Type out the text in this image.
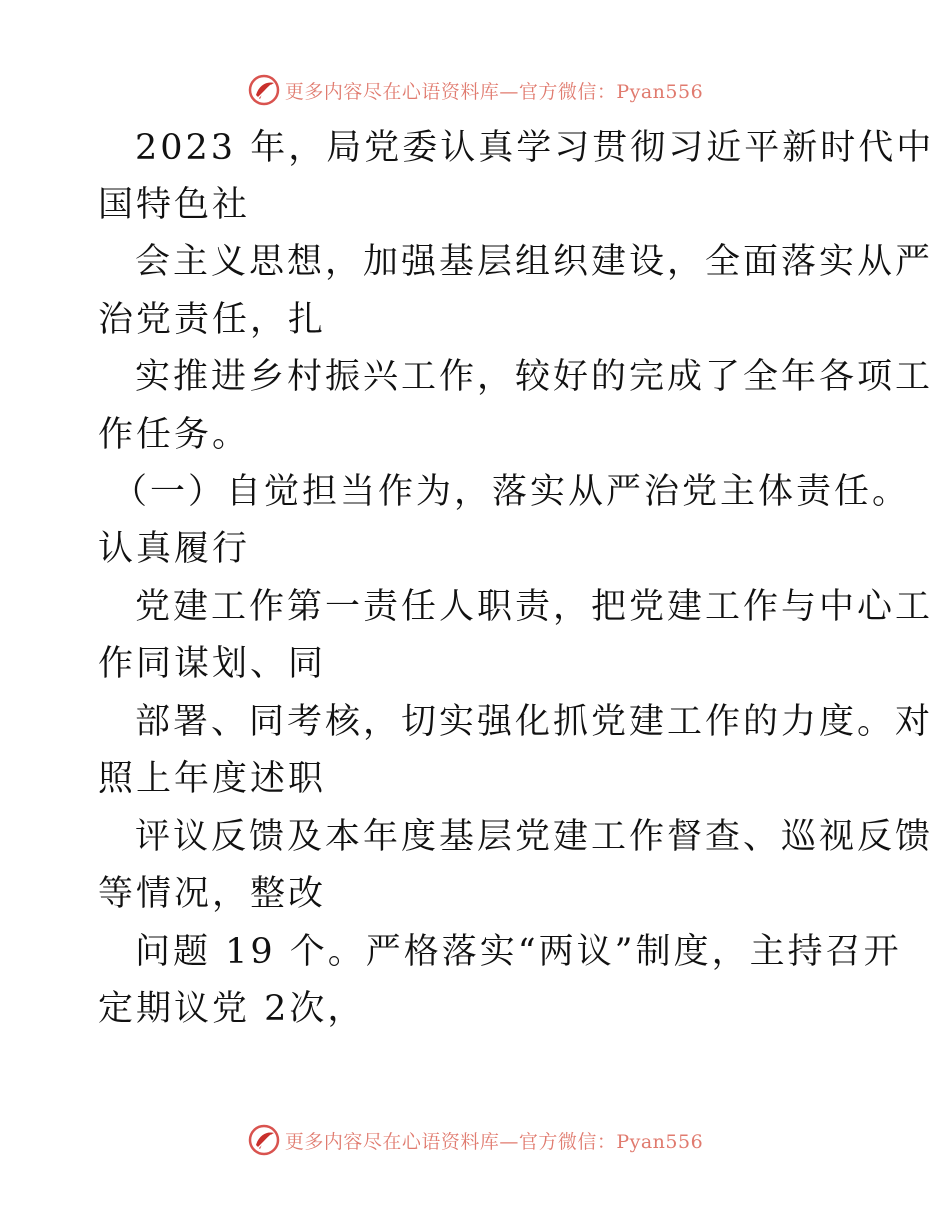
更多内容尽在心语资料库—官方微信：Pyan556
2023 年，局党委认真学习贯彻习近平新时代中
国特色社
会主义思想，加强基层组织建设，全面落实从严
治党责任，扎
实推进乡村振兴工作，较好的完成了全年各项工
作任务。
（一）自觉担当作为，落实从严治党主体责任。
认真履行
党建工作第一责任人职责，把党建工作与中心工
作同谋划、同
部署、同考核，切实强化抓党建工作的力度。对
照上年度述职
评议反馈及本年度基层党建工作督查、巡视反馈
等情况，整改
问题 19 个。严格落实“两议”制度，主持召开
定期议党 2次，
更多内容尽在心语资料库—官方微信：Pyan556
